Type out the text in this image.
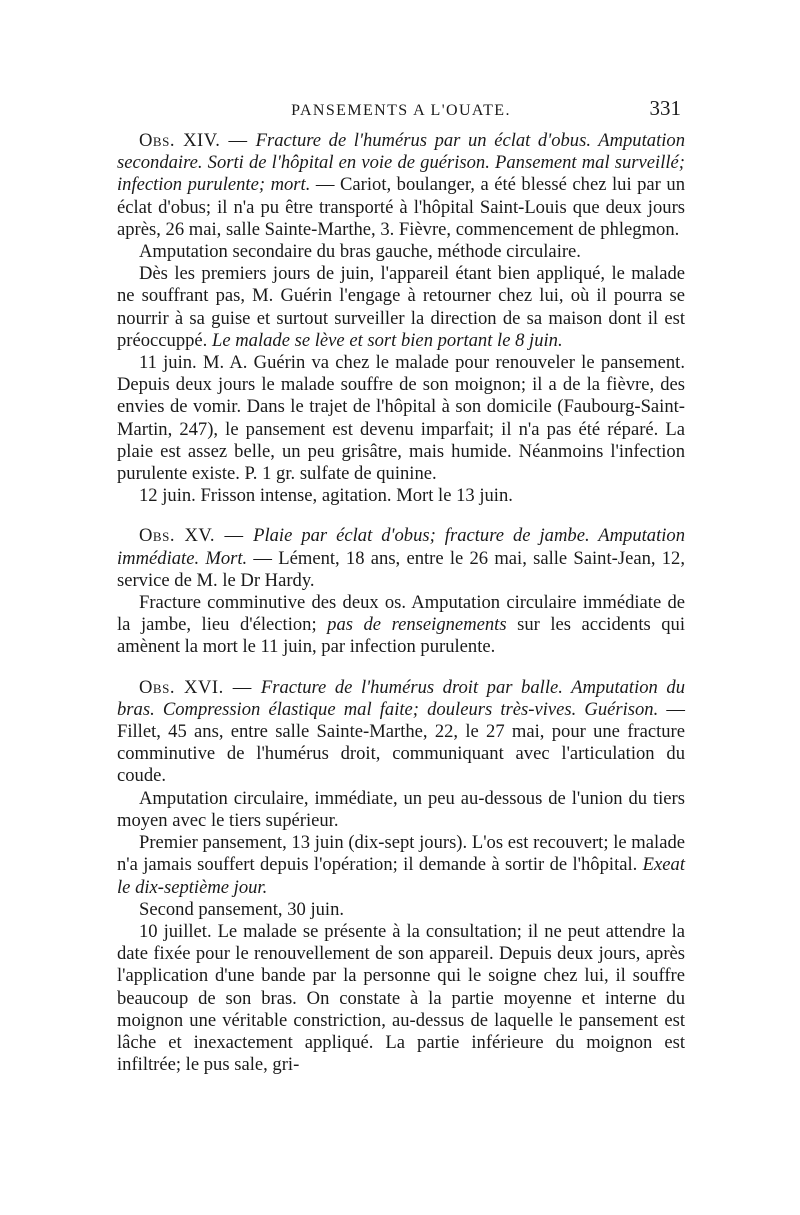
PANSEMENTS A L'OUATE.	331

Obs. XIV. — Fracture de l'humérus par un éclat d'obus. Amputation secondaire. Sorti de l'hôpital en voie de guérison. Pansement mal surveillé; infection purulente; mort. — Cariot, boulanger, a été blessé chez lui par un éclat d'obus; il n'a pu être transporté à l'hôpital Saint-Louis que deux jours après, 26 mai, salle Sainte-Marthe, 3. Fièvre, commencement de phlegmon.

Amputation secondaire du bras gauche, méthode circulaire.

Dès les premiers jours de juin, l'appareil étant bien appliqué, le malade ne souffrant pas, M. Guérin l'engage à retourner chez lui, où il pourra se nourrir à sa guise et surtout surveiller la direction de sa maison dont il est préoccuppé. Le malade se lève et sort bien portant le 8 juin.

11 juin. M. A. Guérin va chez le malade pour renouveler le pansement. Depuis deux jours le malade souffre de son moignon; il a de la fièvre, des envies de vomir. Dans le trajet de l'hôpital à son domicile (Faubourg-Saint-Martin, 247), le pansement est devenu imparfait; il n'a pas été réparé. La plaie est assez belle, un peu grisâtre, mais humide. Néanmoins l'infection purulente existe. P. 1 gr. sulfate de quinine.

12 juin. Frisson intense, agitation. Mort le 13 juin.

Obs. XV. — Plaie par éclat d'obus; fracture de jambe. Amputation immédiate. Mort. — Lément, 18 ans, entre le 26 mai, salle Saint-Jean, 12, service de M. le Dr Hardy.

Fracture comminutive des deux os. Amputation circulaire immédiate de la jambe, lieu d'élection; pas de renseignements sur les accidents qui amènent la mort le 11 juin, par infection purulente.

Obs. XVI. — Fracture de l'humérus droit par balle. Amputation du bras. Compression élastique mal faite; douleurs très-vives. Guérison. — Fillet, 45 ans, entre salle Sainte-Marthe, 22, le 27 mai, pour une fracture comminutive de l'humérus droit, communiquant avec l'articulation du coude.

Amputation circulaire, immédiate, un peu au-dessous de l'union du tiers moyen avec le tiers supérieur.

Premier pansement, 13 juin (dix-sept jours). L'os est recouvert; le malade n'a jamais souffert depuis l'opération; il demande à sortir de l'hôpital. Exeat le dix-septième jour.

Second pansement, 30 juin.

10 juillet. Le malade se présente à la consultation; il ne peut attendre la date fixée pour le renouvellement de son appareil. Depuis deux jours, après l'application d'une bande par la personne qui le soigne chez lui, il souffre beaucoup de son bras. On constate à la partie moyenne et interne du moignon une véritable constriction, au-dessus de laquelle le pansement est lâche et inexactement appliqué. La partie inférieure du moignon est infiltrée; le pus sale, gri-
